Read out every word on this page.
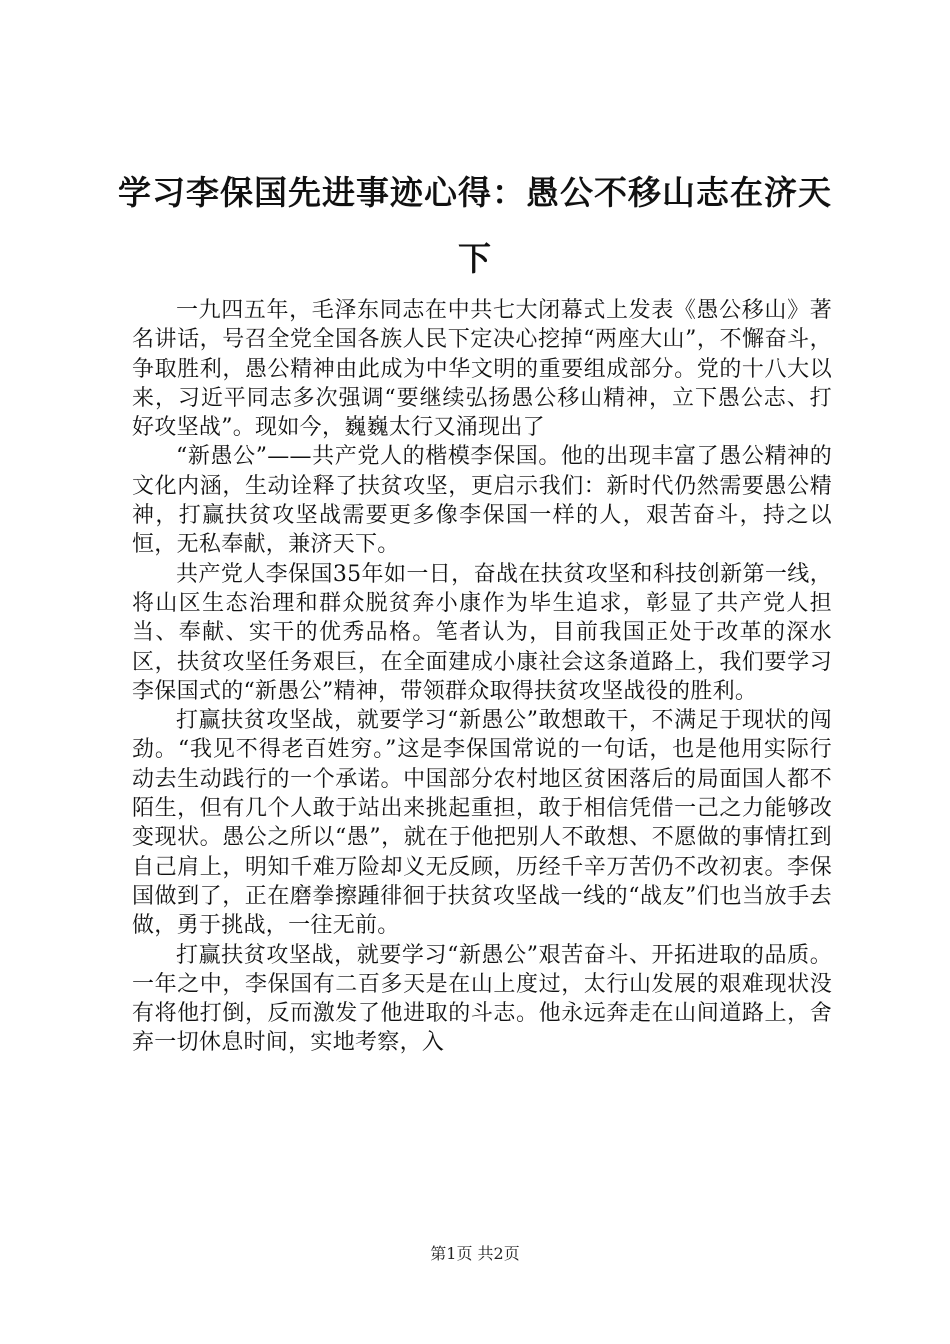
学习李保国先进事迹心得：愚公不移山志在济天下

一九四五年，毛泽东同志在中共七大闭幕式上发表《愚公移山》著名讲话，号召全党全国各族人民下定决心挖掉“两座大山”，不懈奋斗，争取胜利，愚公精神由此成为中华文明的重要组成部分。党的十八大以来，习近平同志多次强调“要继续弘扬愚公移山精神，立下愚公志、打好攻坚战”。现如今，巍巍太行又涌现出了

“新愚公”——共产党人的楷模李保国。他的出现丰富了愚公精神的文化内涵，生动诠释了扶贫攻坚，更启示我们：新时代仍然需要愚公精神，打赢扶贫攻坚战需要更多像李保国一样的人，艰苦奋斗，持之以恒，无私奉献，兼济天下。

共产党人李保国35年如一日，奋战在扶贫攻坚和科技创新第一线，将山区生态治理和群众脱贫奔小康作为毕生追求，彰显了共产党人担当、奉献、实干的优秀品格。笔者认为，目前我国正处于改革的深水区，扶贫攻坚任务艰巨，在全面建成小康社会这条道路上，我们要学习李保国式的“新愚公”精神，带领群众取得扶贫攻坚战役的胜利。

打赢扶贫攻坚战，就要学习“新愚公”敢想敢干，不满足于现状的闯劲。“我见不得老百姓穷。”这是李保国常说的一句话，也是他用实际行动去生动践行的一个承诺。中国部分农村地区贫困落后的局面国人都不陌生，但有几个人敢于站出来挑起重担，敢于相信凭借一己之力能够改变现状。愚公之所以“愚”，就在于他把别人不敢想、不愿做的事情扛到自己肩上，明知千难万险却义无反顾，历经千辛万苦仍不改初衷。李保国做到了，正在磨拳擦踵徘徊于扶贫攻坚战一线的“战友”们也当放手去做，勇于挑战，一往无前。

打赢扶贫攻坚战，就要学习“新愚公”艰苦奋斗、开拓进取的品质。一年之中，李保国有二百多天是在山上度过，太行山发展的艰难现状没有将他打倒，反而激发了他进取的斗志。他永远奔走在山间道路上，舍弃一切休息时间，实地考察，入

第1页 共2页
